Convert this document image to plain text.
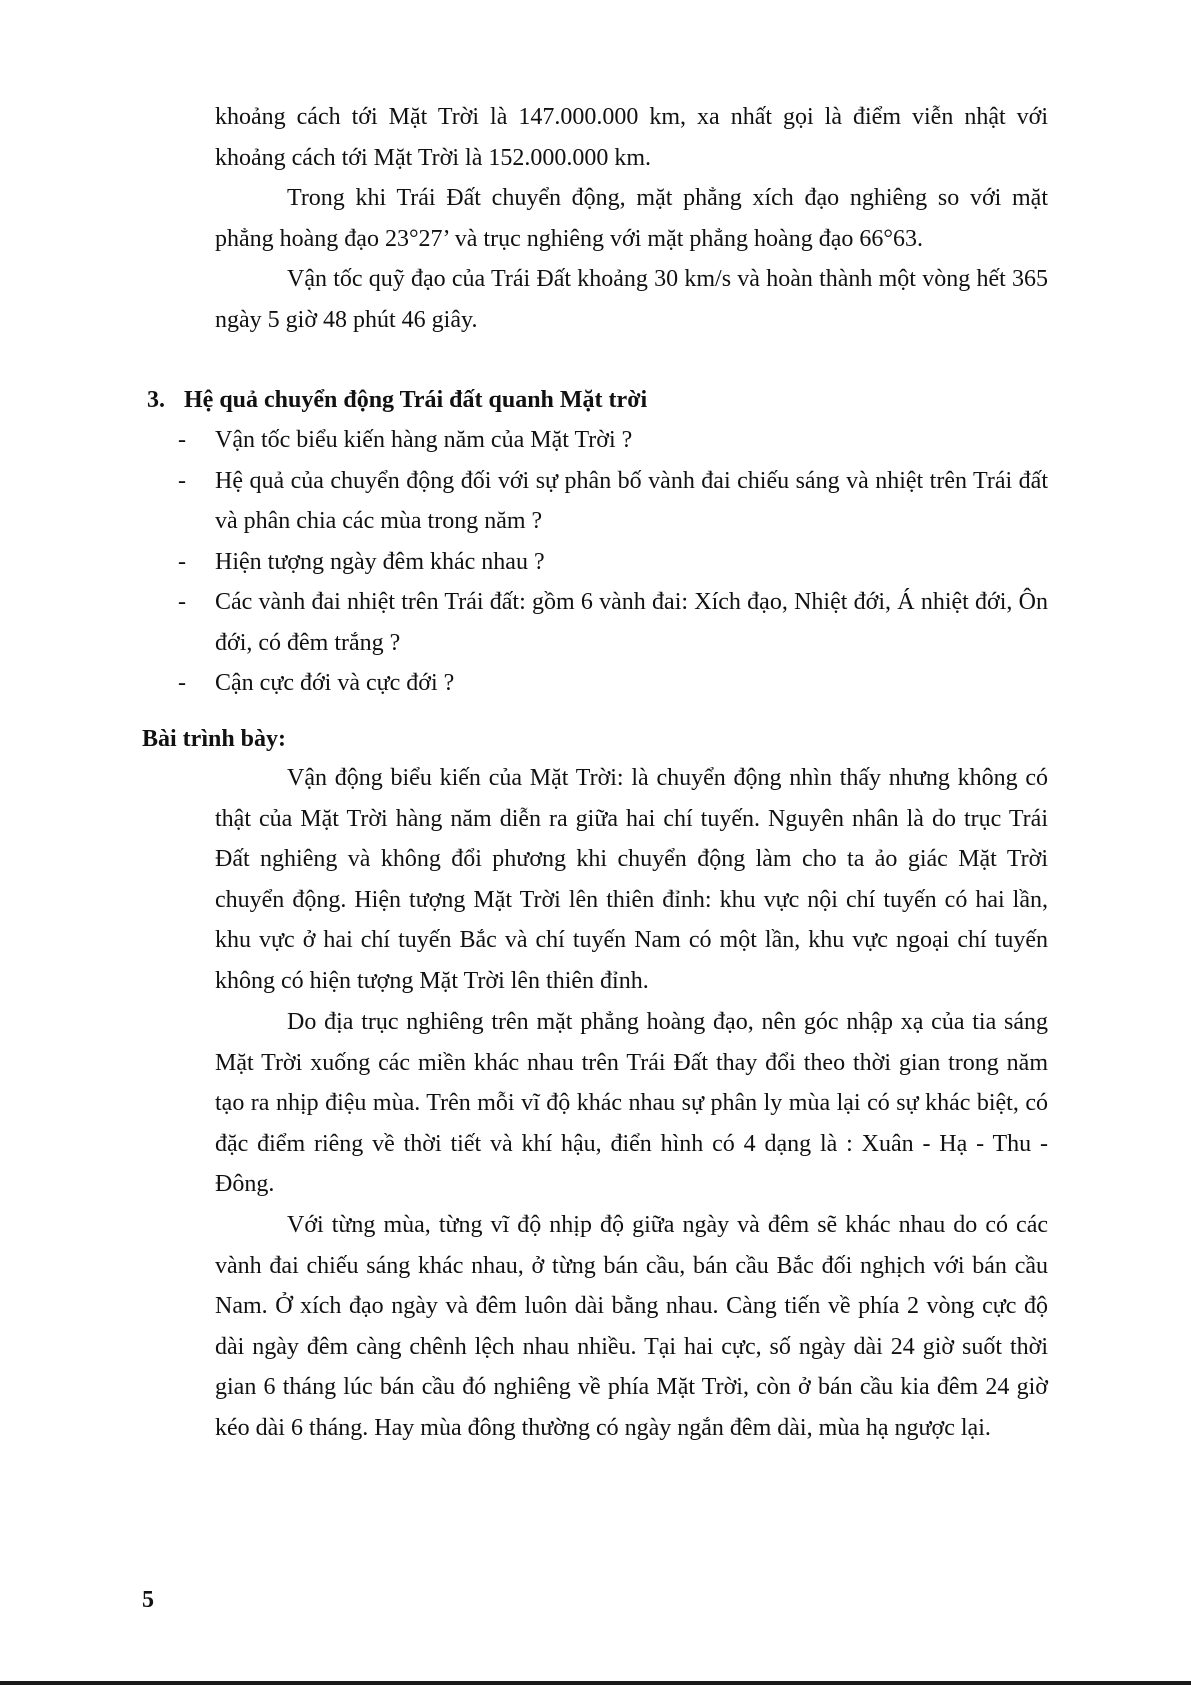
khoảng cách tới Mặt Trời là 147.000.000 km, xa nhất gọi là điểm viễn nhật với khoảng cách tới Mặt Trời là 152.000.000 km.

Trong khi Trái Đất chuyển động, mặt phẳng xích đạo nghiêng so với mặt phẳng hoàng đạo 23°27’ và trục nghiêng với mặt phẳng hoàng đạo 66°63.

Vận tốc quỹ đạo của Trái Đất khoảng 30 km/s và hoàn thành một vòng hết 365 ngày 5 giờ 48 phút 46 giây.

3. Hệ quả chuyển động Trái đất quanh Mặt trời
- Vận tốc biểu kiến hàng năm của Mặt Trời ?
- Hệ quả của chuyển động đối với sự phân bố vành đai chiếu sáng và nhiệt trên Trái đất và phân chia các mùa trong năm ?
- Hiện tượng ngày đêm khác nhau ?
- Các vành đai nhiệt trên Trái đất: gồm 6 vành đai: Xích đạo, Nhiệt đới, Á nhiệt đới, Ôn đới, có đêm trắng ?
- Cận cực đới và cực đới ?
Bài trình bày:

Vận động biểu kiến của Mặt Trời: là chuyển động nhìn thấy nhưng không có thật của Mặt Trời hàng năm diễn ra giữa hai chí tuyến. Nguyên nhân là do trục Trái Đất nghiêng và không đổi phương khi chuyển động làm cho ta ảo giác Mặt Trời chuyển động. Hiện tượng Mặt Trời lên thiên đỉnh: khu vực nội chí tuyến có hai lần, khu vực ở hai chí tuyến Bắc và chí tuyến Nam có một lần, khu vực ngoại chí tuyến không có hiện tượng Mặt Trời lên thiên đỉnh.

Do địa trục nghiêng trên mặt phẳng hoàng đạo, nên góc nhập xạ của tia sáng Mặt Trời xuống các miền khác nhau trên Trái Đất thay đổi theo thời gian trong năm tạo ra nhịp điệu mùa. Trên mỗi vĩ độ khác nhau sự phân ly mùa lại có sự khác biệt, có đặc điểm riêng về thời tiết và khí hậu, điển hình có 4 dạng là : Xuân - Hạ - Thu - Đông.

Với từng mùa, từng vĩ độ nhịp độ giữa ngày và đêm sẽ khác nhau do có các vành đai chiếu sáng khác nhau, ở từng bán cầu, bán cầu Bắc đối nghịch với bán cầu Nam. Ở xích đạo ngày và đêm luôn dài bằng nhau. Càng tiến về phía 2 vòng cực độ dài ngày đêm càng chênh lệch nhau nhiều. Tại hai cực, số ngày dài 24 giờ suốt thời gian 6 tháng lúc bán cầu đó nghiêng về phía Mặt Trời, còn ở bán cầu kia đêm 24 giờ kéo dài 6 tháng. Hay mùa đông thường có ngày ngắn đêm dài, mùa hạ ngược lại.

5
